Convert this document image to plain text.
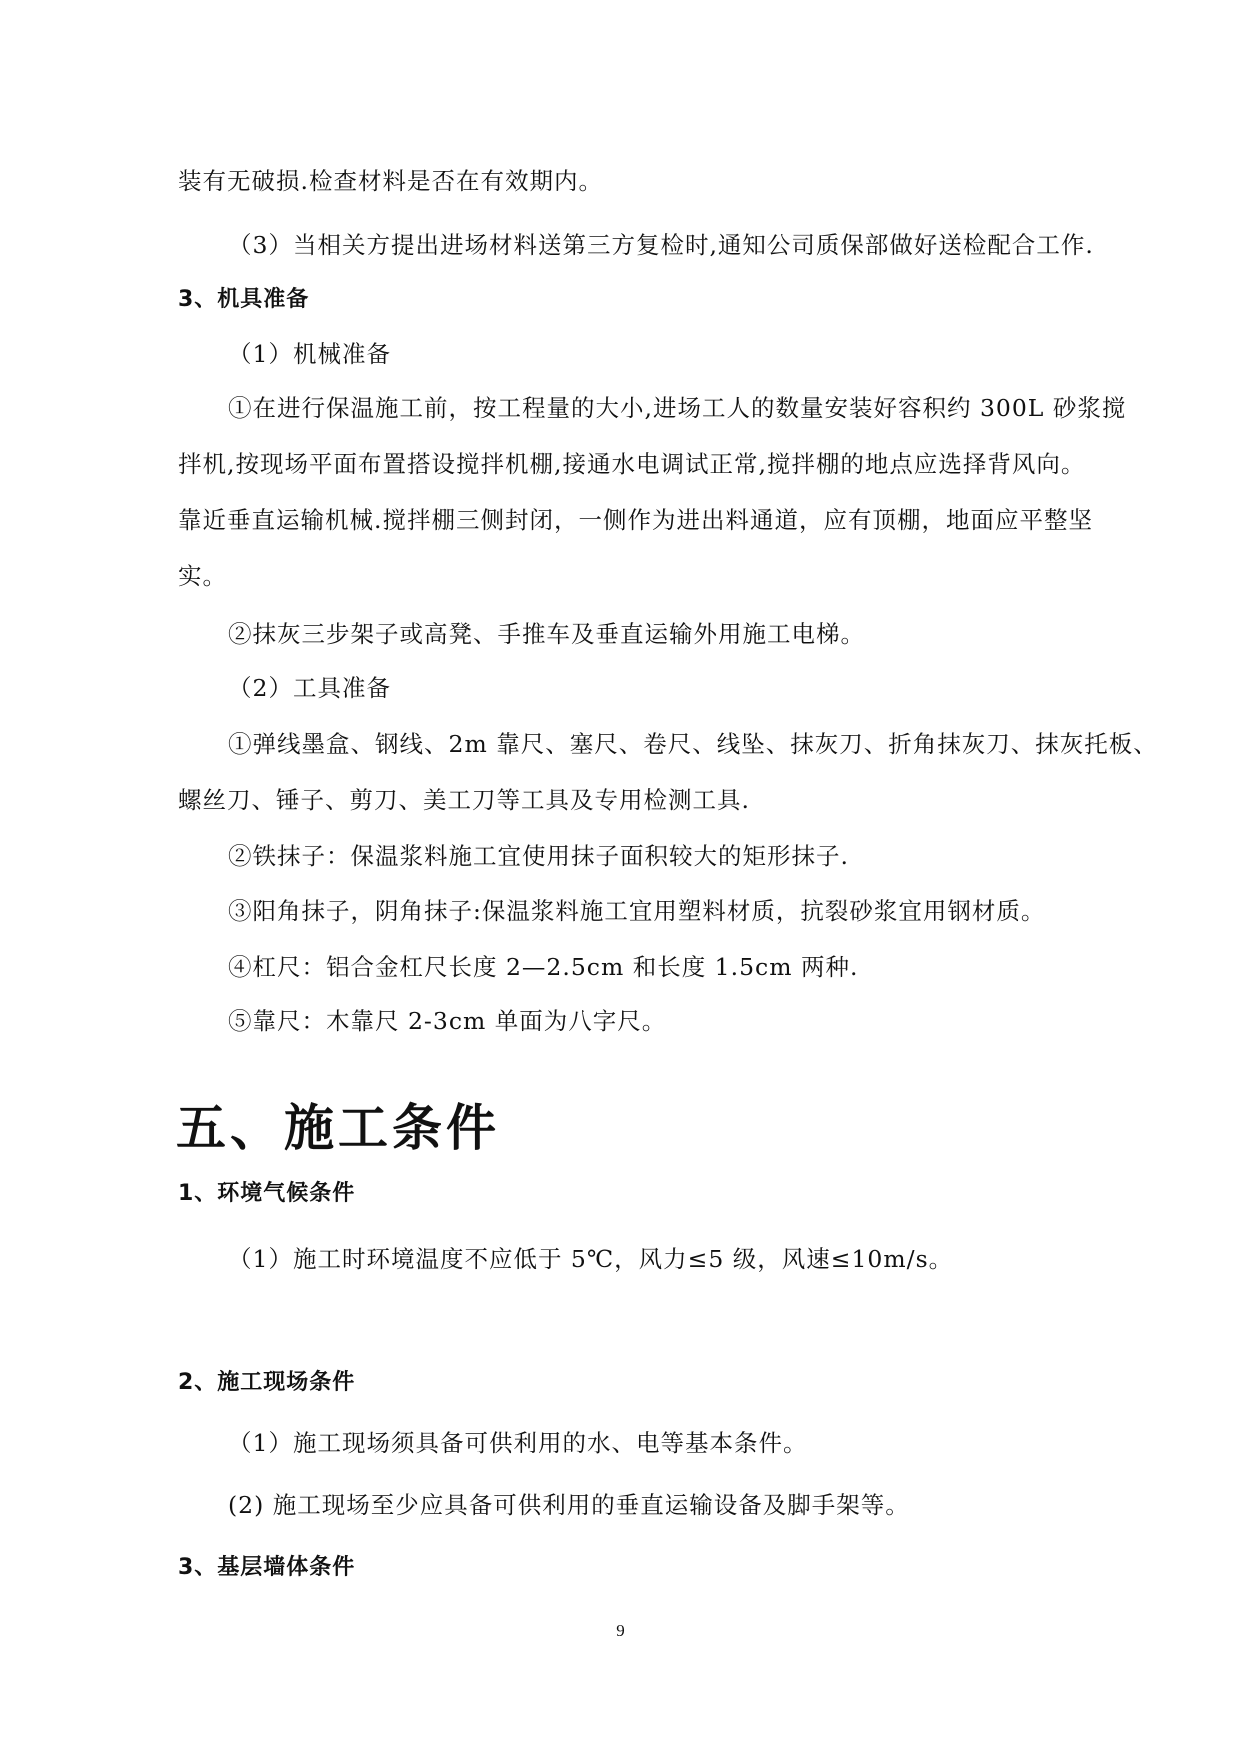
装有无破损.检查材料是否在有效期内。
（3）当相关方提出进场材料送第三方复检时,通知公司质保部做好送检配合工作.
3、机具准备
（1）机械准备
①在进行保温施工前，按工程量的大小,进场工人的数量安装好容积约 300L 砂浆搅
拌机,按现场平面布置搭设搅拌机棚,接通水电调试正常,搅拌棚的地点应选择背风向。
靠近垂直运输机械.搅拌棚三侧封闭，一侧作为进出料通道，应有顶棚，地面应平整坚
实。
②抹灰三步架子或高凳、手推车及垂直运输外用施工电梯。
（2）工具准备
①弹线墨盒、钢线、2m 靠尺、塞尺、卷尺、线坠、抹灰刀、折角抹灰刀、抹灰托板、
螺丝刀、锤子、剪刀、美工刀等工具及专用检测工具.
②铁抹子：保温浆料施工宜使用抹子面积较大的矩形抹子.
③阳角抹子，阴角抹子:保温浆料施工宜用塑料材质，抗裂砂浆宜用钢材质。
④杠尺：铝合金杠尺长度 2—2.5cm 和长度 1.5cm 两种.
⑤靠尺：木靠尺 2-3cm 单面为八字尺。
五、施工条件
1、环境气候条件
（1）施工时环境温度不应低于 5℃，风力≤5 级，风速≤10m/s。
2、施工现场条件
（1）施工现场须具备可供利用的水、电等基本条件。
(2) 施工现场至少应具备可供利用的垂直运输设备及脚手架等。
3、基层墙体条件
9
